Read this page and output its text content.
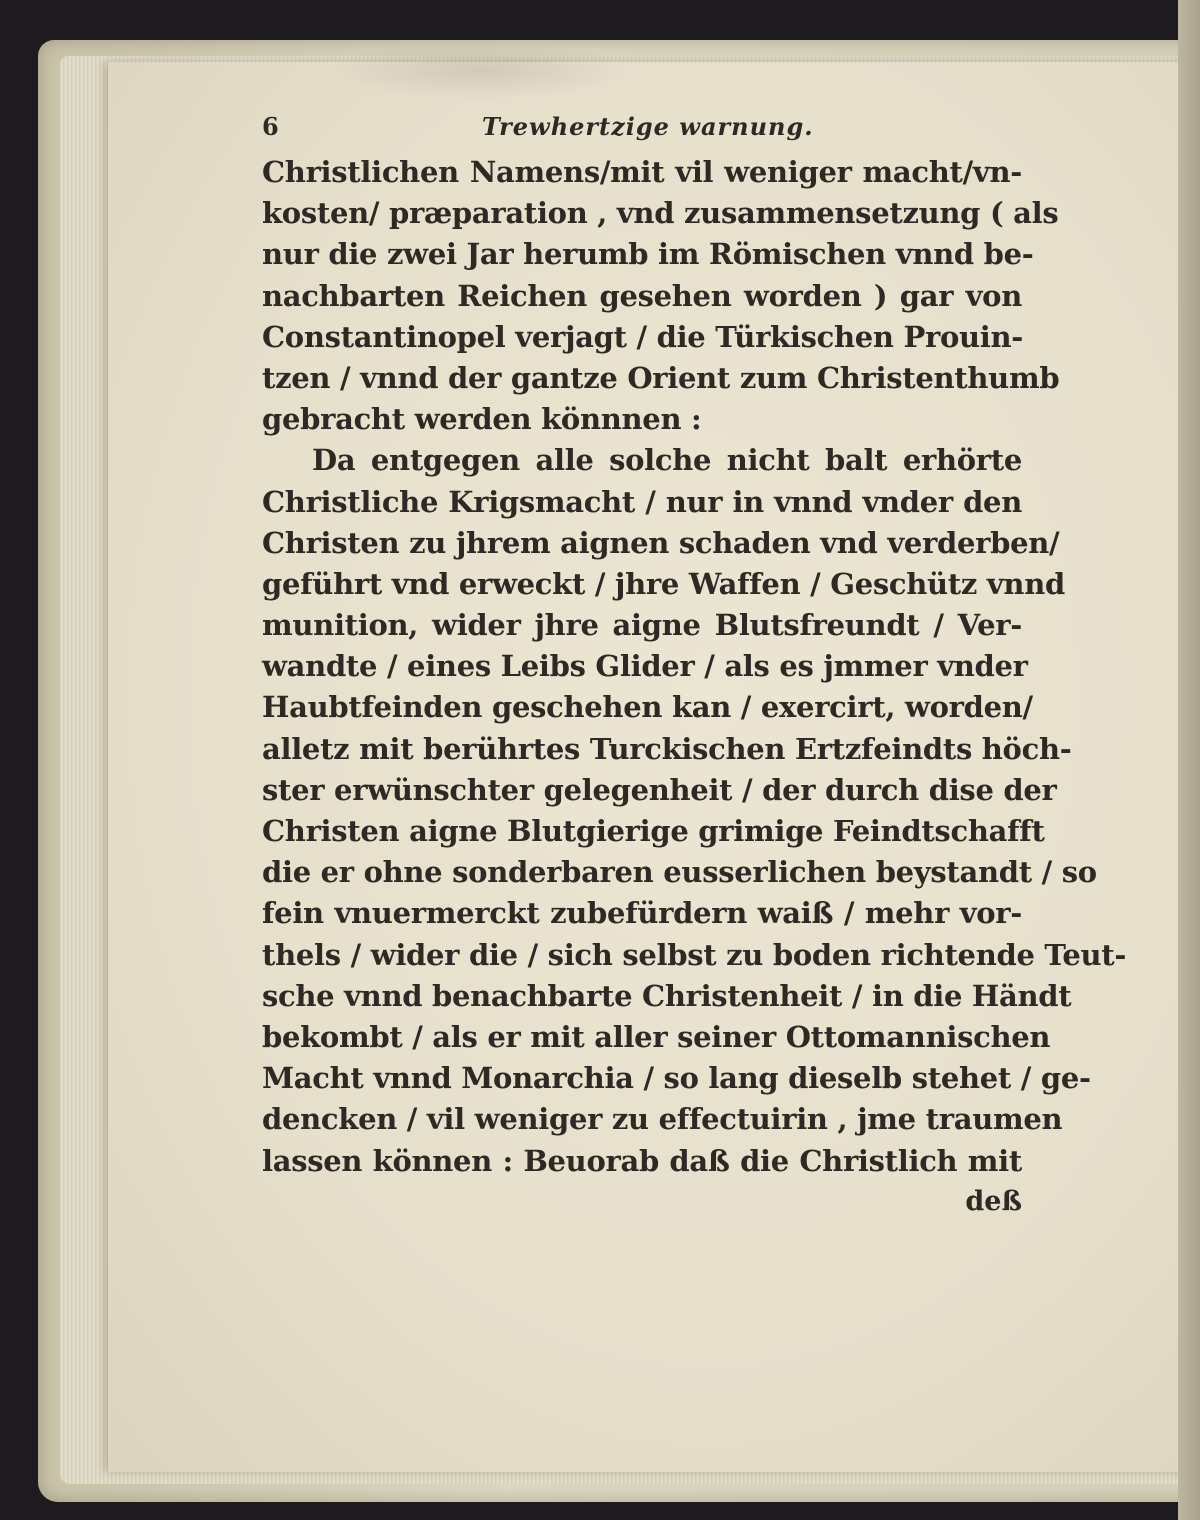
6	Trewhertzige warnung.
Christlichen Namens/mit vil weniger macht/vn-
kosten/ præparation , vnd zusammensetzung ( als
nur die zwei Jar herumb im Römischen vnnd be-
nachbarten Reichen gesehen worden ) gar von
Constantinopel verjagt / die Türkischen Prouin-
tzen / vnnd der gantze Orient zum Christenthumb
gebracht werden könnnen :
Da entgegen alle solche nicht balt erhörte
Christliche Krigsmacht / nur in vnnd vnder den
Christen zu jhrem aignen schaden vnd verderben/
geführt vnd erweckt / jhre Waffen / Geschütz vnnd
munition, wider jhre aigne Blutsfreundt / Ver-
wandte / eines Leibs Glider / als es jmmer vnder
Haubtfeinden geschehen kan / exercirt, worden/
alletz mit berührtes Turckischen Ertzfeindts höch-
ster erwünschter gelegenheit / der durch dise der
Christen aigne Blutgierige grimige Feindtschafft
die er ohne sonderbaren eusserlichen beystandt / so
fein vnuermerckt zubefürdern waiß / mehr vor-
thels / wider die / sich selbst zu boden richtende Teut-
sche vnnd benachbarte Christenheit / in die Händt
bekombt / als er mit aller seiner Ottomannischen
Macht vnnd Monarchia / so lang dieselb stehet / ge-
dencken / vil weniger zu effectuirin , jme traumen
lassen können : Beuorab daß die Christlich mit
deß
